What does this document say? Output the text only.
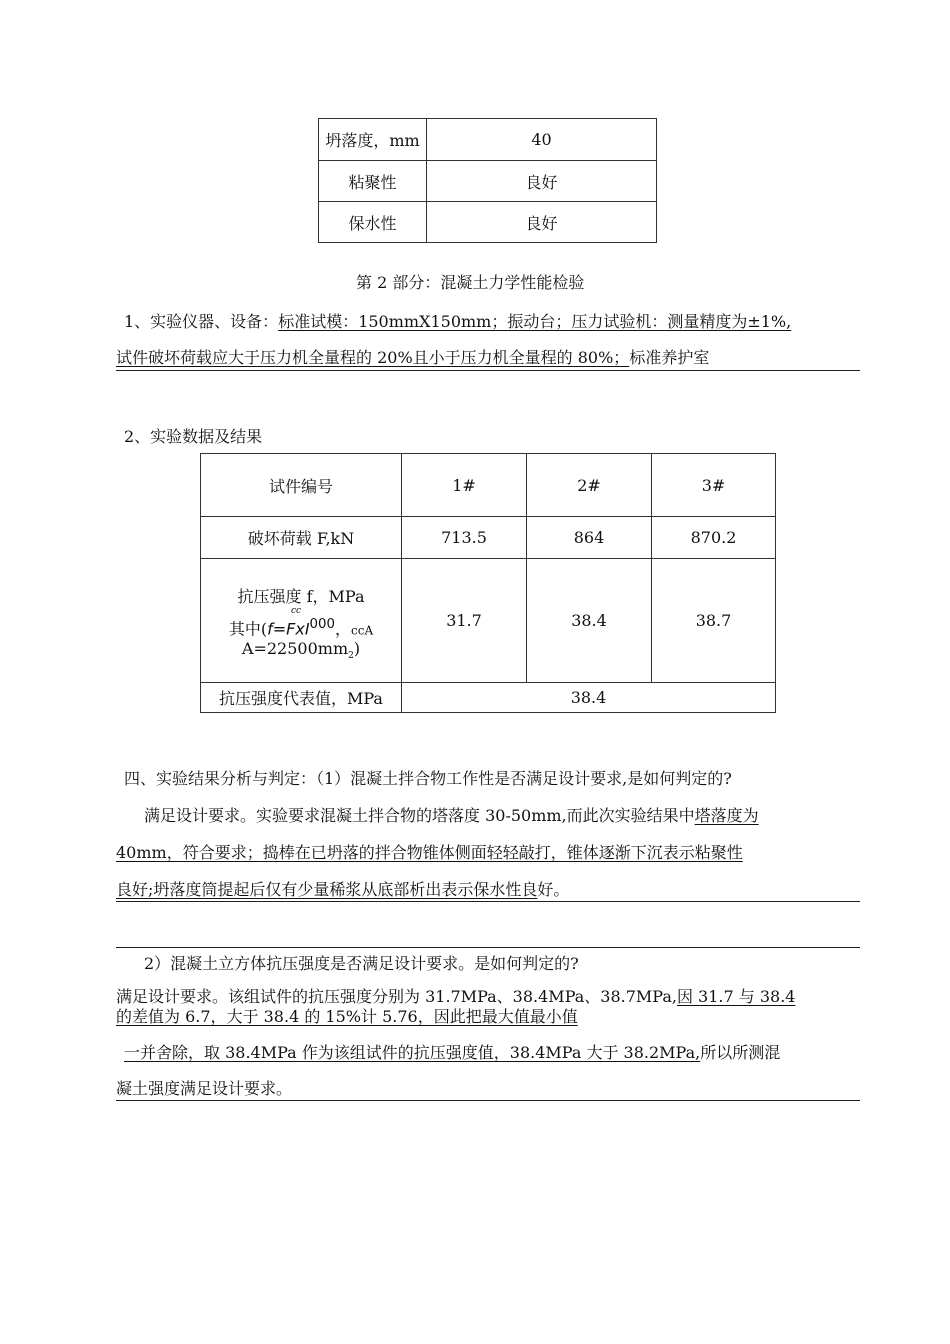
坍落度，mm	40
粘聚性	良好
保水性	良好
第 2 部分：混凝土力学性能检验
1、实验仪器、设备：标准试模：150mmX150mm；振动台；压力试验机：测量精度为±1%,
试件破坏荷载应大于压力机全量程的 20%且小于压力机全量程的 80%；标准养护室
2、实验数据及结果
试件编号	1#	2#	3#
破坏荷载 F,kN	713.5	864	870.2

抗压强度 f，MPa
cc
其中(f=FxI$^{000}$，ccA
$A=22500mm_2$)	31.7	38.4	38.7
抗压强度代表值，MPa	38.4		
四、实验结果分析与判定：（1）混凝土拌合物工作性是否满足设计要求,是如何判定的?
满足设计要求。实验要求混凝土拌合物的塔落度 30-50mm,而此次实验结果中塔落度为
40mm，符合要求；捣棒在已坍落的拌合物锥体侧面轻轻敲打，锥体逐渐下沉表示粘聚性
良好;坍落度筒提起后仅有少量稀浆从底部析出表示保水性良好。
2）混凝土立方体抗压强度是否满足设计要求。是如何判定的?
满足设计要求。该组试件的抗压强度分别为 31.7MPa、38.4MPa、38.7MPa,因 31.7 与 38.4
的差值为 6.7，大于 38.4 的 15%计 5.76，因此把最大值最小值
一并舍除，取 38.4MPa 作为该组试件的抗压强度值，38.4MPa 大于 38.2MPa,所以所测混
凝土强度满足设计要求。
